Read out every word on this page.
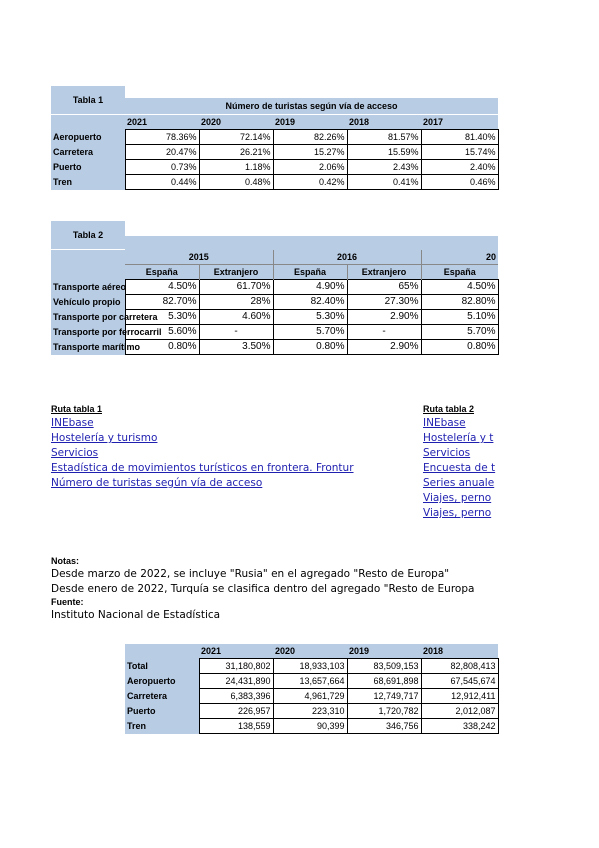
Tabla 1
Número de turistas según vía de acceso
	2021	2020	2019	2018	2017
Aeropuerto	78.36%	72.14%	82.26%	81.57%	81.40%
Carretera	20.47%	26.21%	15.27%	15.59%	15.74%
Puerto	0.73%	1.18%	2.06%	2.43%	2.40%
Tren	0.44%	0.48%	0.42%	0.41%	0.46%
Tabla 2
	2015		2016		20
	España	Extranjero	España	Extranjero	España
Transporte aéreo	4.50%	61.70%	4.90%	65%	4.50%
Vehículo propio	82.70%	28%	82.40%	27.30%	82.80%
Transporte por carretera	5.30%	4.60%	5.30%	2.90%	5.10%
Transporte por ferrocarril	5.60%	-	5.70%	-	5.70%
Transporte marítimo	0.80%	3.50%	0.80%	2.90%	0.80%
Ruta tabla 1
INEbase
Hostelería y turismo
Servicios
Estadística de movimientos turísticos en frontera. Frontur
Número de turistas según vía de acceso
Ruta tabla 2
INEbase
Hostelería y t
Servicios
Encuesta de t
Series anuale
Viajes, perno
Viajes, perno
Notas:
Desde marzo de 2022, se incluye "Rusia" en el agregado "Resto de Europa"
Desde enero de 2022, Turquía se clasifica dentro del agregado "Resto de Europa
Fuente:
Instituto Nacional de Estadística
	2021	2020	2019	2018
Total	31,180,802	18,933,103	83,509,153	82,808,413
Aeropuerto	24,431,890	13,657,664	68,691,898	67,545,674
Carretera	6,383,396	4,961,729	12,749,717	12,912,411
Puerto	226,957	223,310	1,720,782	2,012,087
Tren	138,559	90,399	346,756	338,242
